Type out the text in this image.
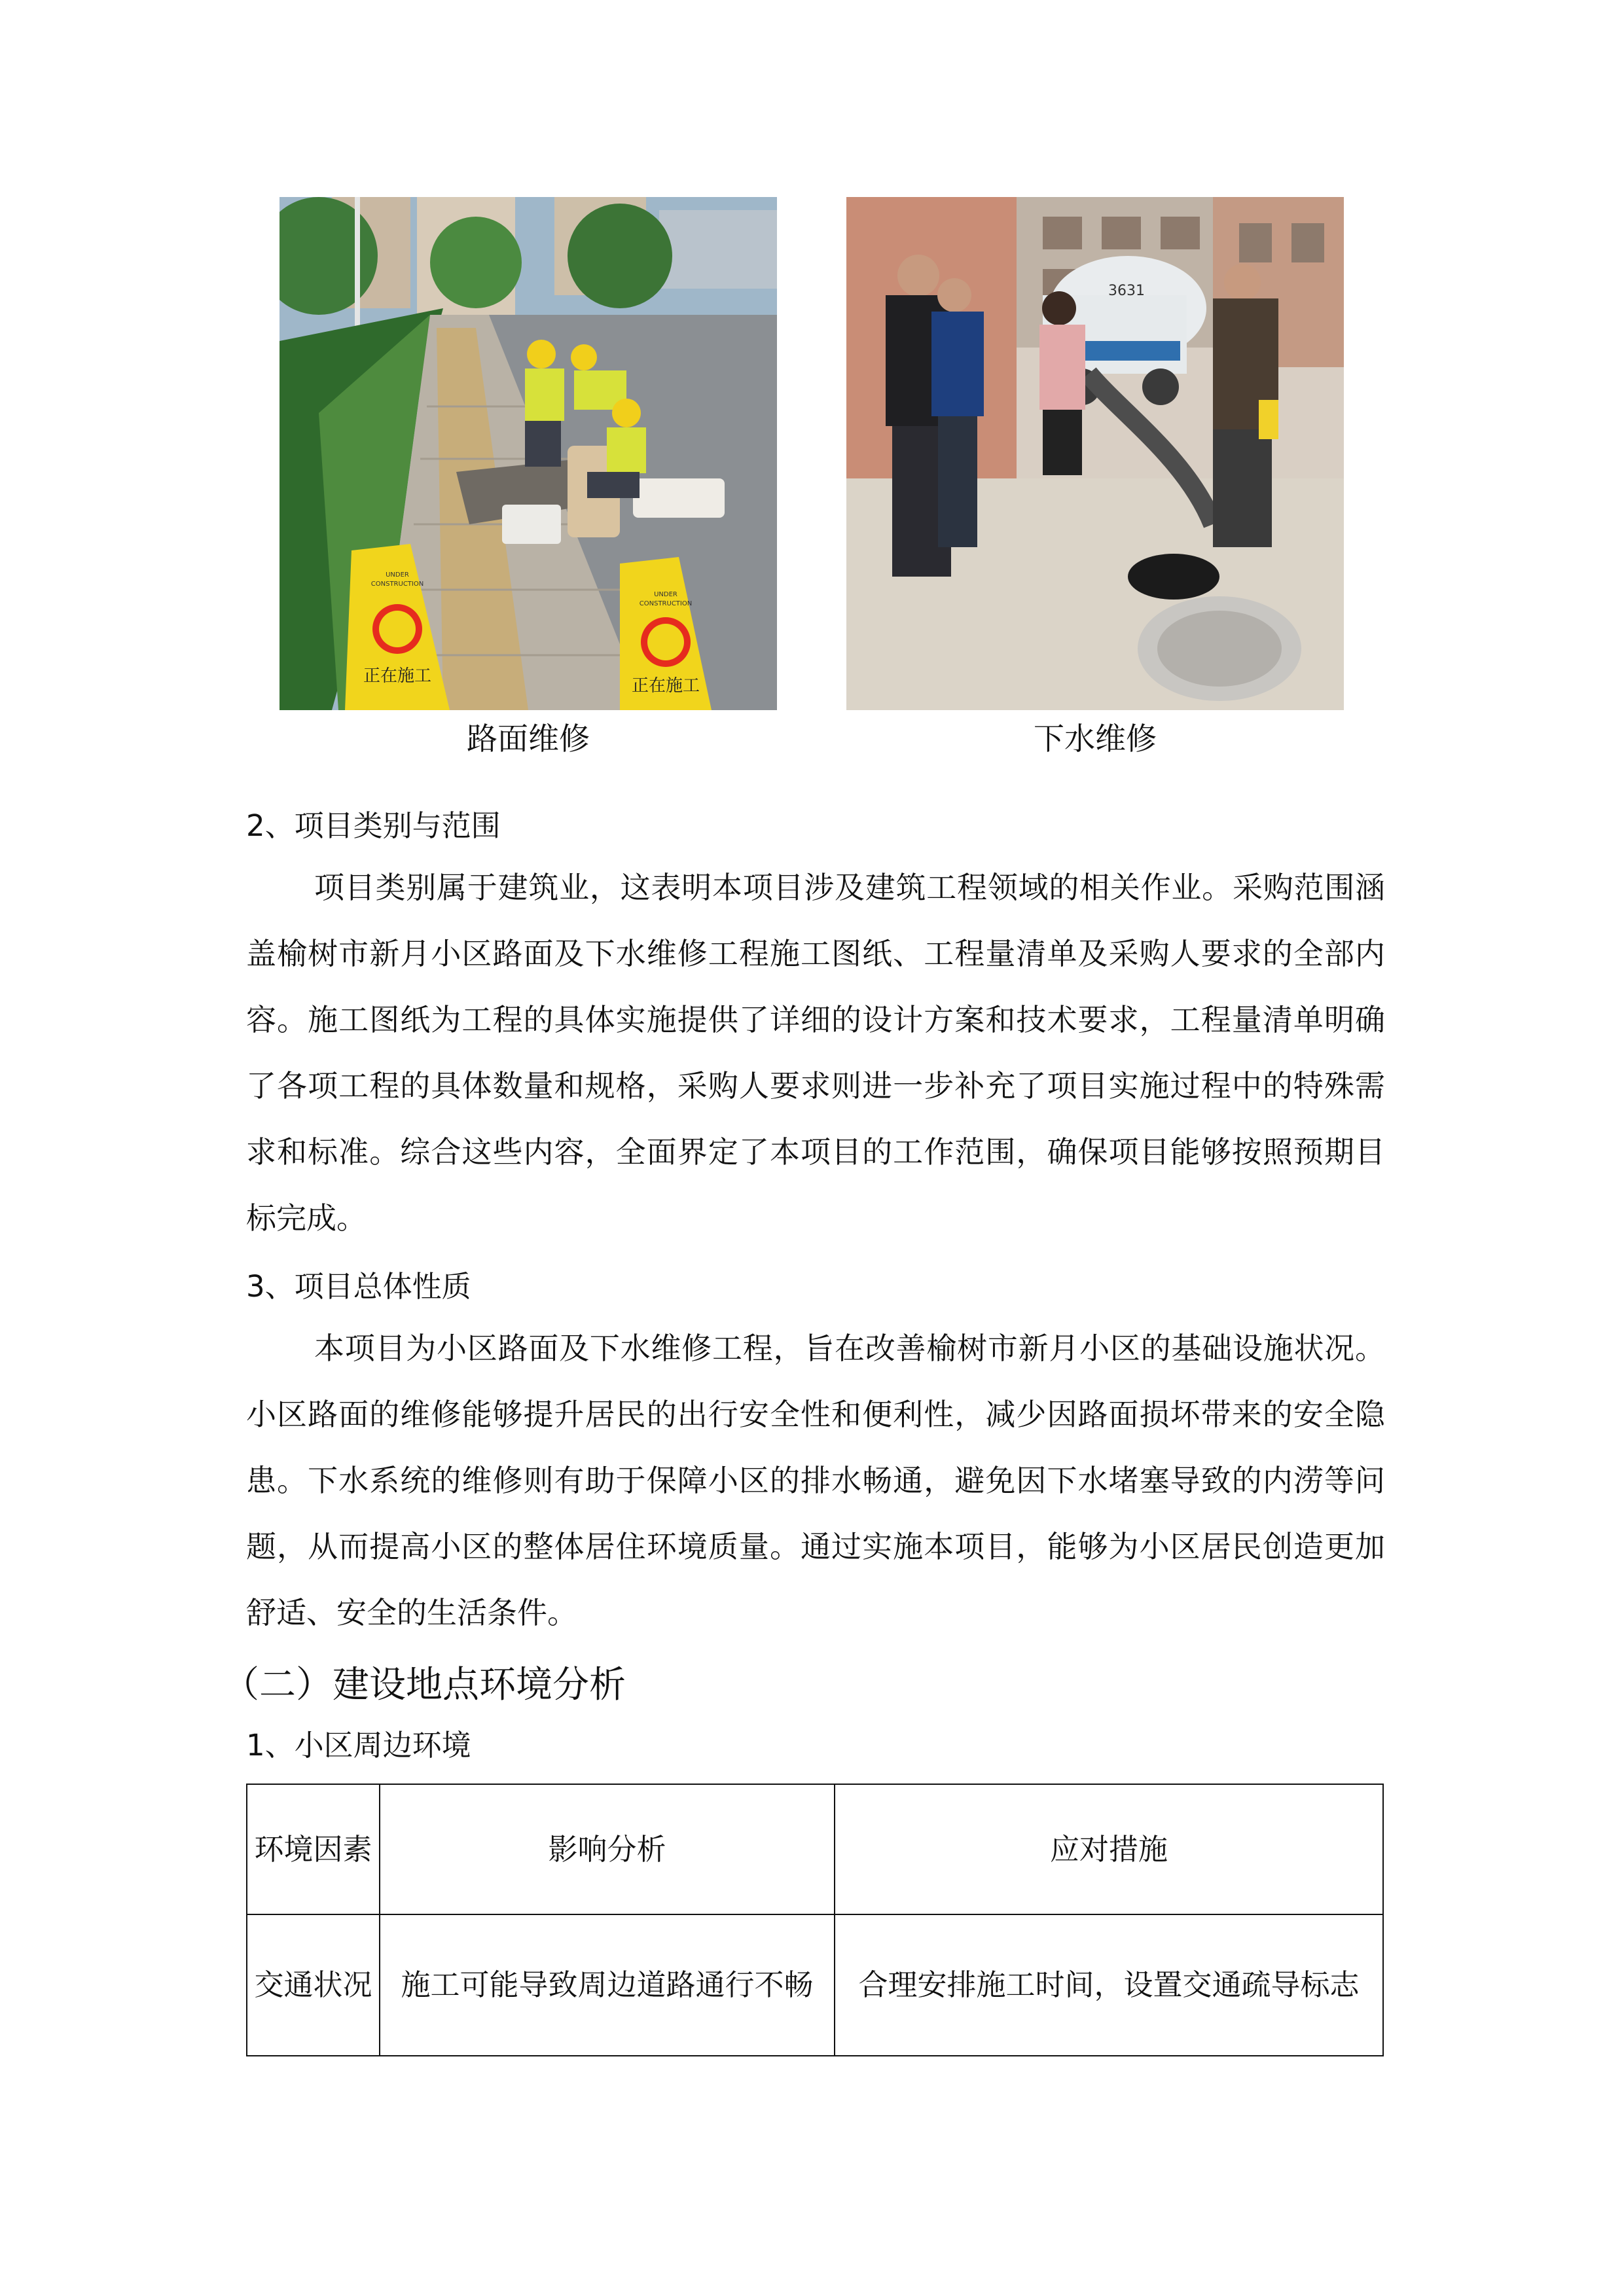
UNDER
CONSTRUCTION
正在施工
UNDER
CONSTRUCTION
正在施工
路面维修
3631
下水维修
2、项目类别与范围

项目类别属于建筑业，这表明本项目涉及建筑工程领域的相关作业。采购范围涵盖榆树市新月小区路面及下水维修工程施工图纸、工程量清单及采购人要求的全部内容。施工图纸为工程的具体实施提供了详细的设计方案和技术要求，工程量清单明确了各项工程的具体数量和规格，采购人要求则进一步补充了项目实施过程中的特殊需求和标准。综合这些内容，全面界定了本项目的工作范围，确保项目能够按照预期目标完成。

3、项目总体性质

本项目为小区路面及下水维修工程，旨在改善榆树市新月小区的基础设施状况。小区路面的维修能够提升居民的出行安全性和便利性，减少因路面损坏带来的安全隐患。下水系统的维修则有助于保障小区的排水畅通，避免因下水堵塞导致的内涝等问题，从而提高小区的整体居住环境质量。通过实施本项目，能够为小区居民创造更加舒适、安全的生活条件。

（二）建设地点环境分析
1、小区周边环境
环境因素	影响分析	应对措施
交通状况	施工可能导致周边道路通行不畅	合理安排施工时间，设置交通疏导标志
